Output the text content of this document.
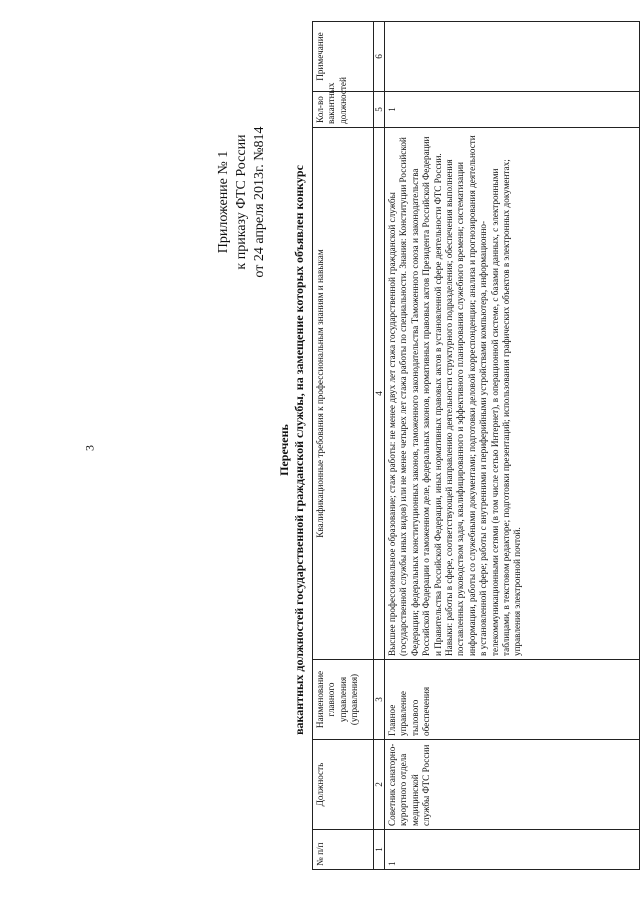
3
Приложение № 1 к приказу ФТС России от 24 апреля 2013г. №814
Перечень вакантных должностей государственной гражданской службы, на замещение которых объявлен конкурс
№ п/п	Должность	Наименование главного управления (управления)	Квалификационные требования к профессиональным знаниям и навыкам	Кол-во вакантных должностей	Примечание
1	2	3	4	5	6
1	Советник санаторно-курортного отдела медицинской службы ФТС России	Главное управление тылового обеспечения	Высшее профессиональное образование; стаж работы: не менее двух лет стажа государственной гражданской службы (государственной службы иных видов) или не менее четырех лет стажа работы по специальности. Знания: Конституции Российской Федерации; федеральных конституционных законов, таможенного законодательства Таможенного союза и законодательства Российской Федерации о таможенном деле, федеральных законов, нормативных правовых актов Президента Российской Федерации и Правительства Российской Федерации, иных нормативных правовых актов в установленной сфере деятельности ФТС России. Навыки: работы в сфере, соответствующей направлению деятельности структурного подразделения; обеспечения выполнения поставленных руководством задач, квалифицированного и эффективного планирования служебного времени; систематизации информации, работы со служебными документами; подготовки деловой корреспонденции; анализа и прогнозирования деятельности в установленной сфере; работы с внутренними и периферийными устройствами компьютера, информационно-телекоммуникационными сетями (в том числе сетью Интернет), в операционной системе, с базами данных, с электронными таблицами, в текстовом редакторе; подготовки презентаций; использования графических объектов в электронных документах; управления электронной почтой.	1	
